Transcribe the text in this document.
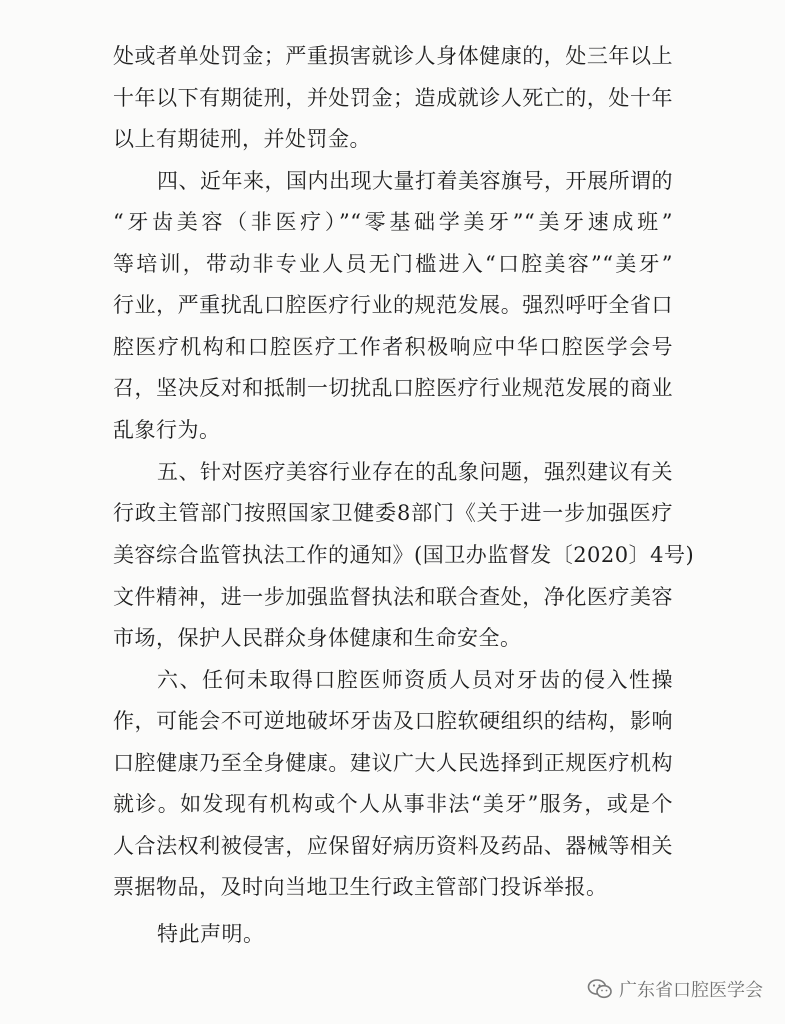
处或者单处罚金；严重损害就诊人身体健康的，处三年以上
十年以下有期徒刑，并处罚金；造成就诊人死亡的，处十年
以上有期徒刑，并处罚金。
四、近年来，国内出现大量打着美容旗号，开展所谓的
“牙齿美容（非医疗）”“零基础学美牙”“美牙速成班”
等培训，带动非专业人员无门槛进入“口腔美容”“美牙”
行业，严重扰乱口腔医疗行业的规范发展。强烈呼吁全省口
腔医疗机构和口腔医疗工作者积极响应中华口腔医学会号
召，坚决反对和抵制一切扰乱口腔医疗行业规范发展的商业
乱象行为。
五、针对医疗美容行业存在的乱象问题，强烈建议有关
行政主管部门按照国家卫健委8部门《关于进一步加强医疗
美容综合监管执法工作的通知》(国卫办监督发〔2020〕4号)
文件精神，进一步加强监督执法和联合查处，净化医疗美容
市场，保护人民群众身体健康和生命安全。
六、任何未取得口腔医师资质人员对牙齿的侵入性操
作，可能会不可逆地破坏牙齿及口腔软硬组织的结构，影响
口腔健康乃至全身健康。建议广大人民选择到正规医疗机构
就诊。如发现有机构或个人从事非法“美牙”服务，或是个
人合法权利被侵害，应保留好病历资料及药品、器械等相关
票据物品，及时向当地卫生行政主管部门投诉举报。
特此声明。
广东省口腔医学会
